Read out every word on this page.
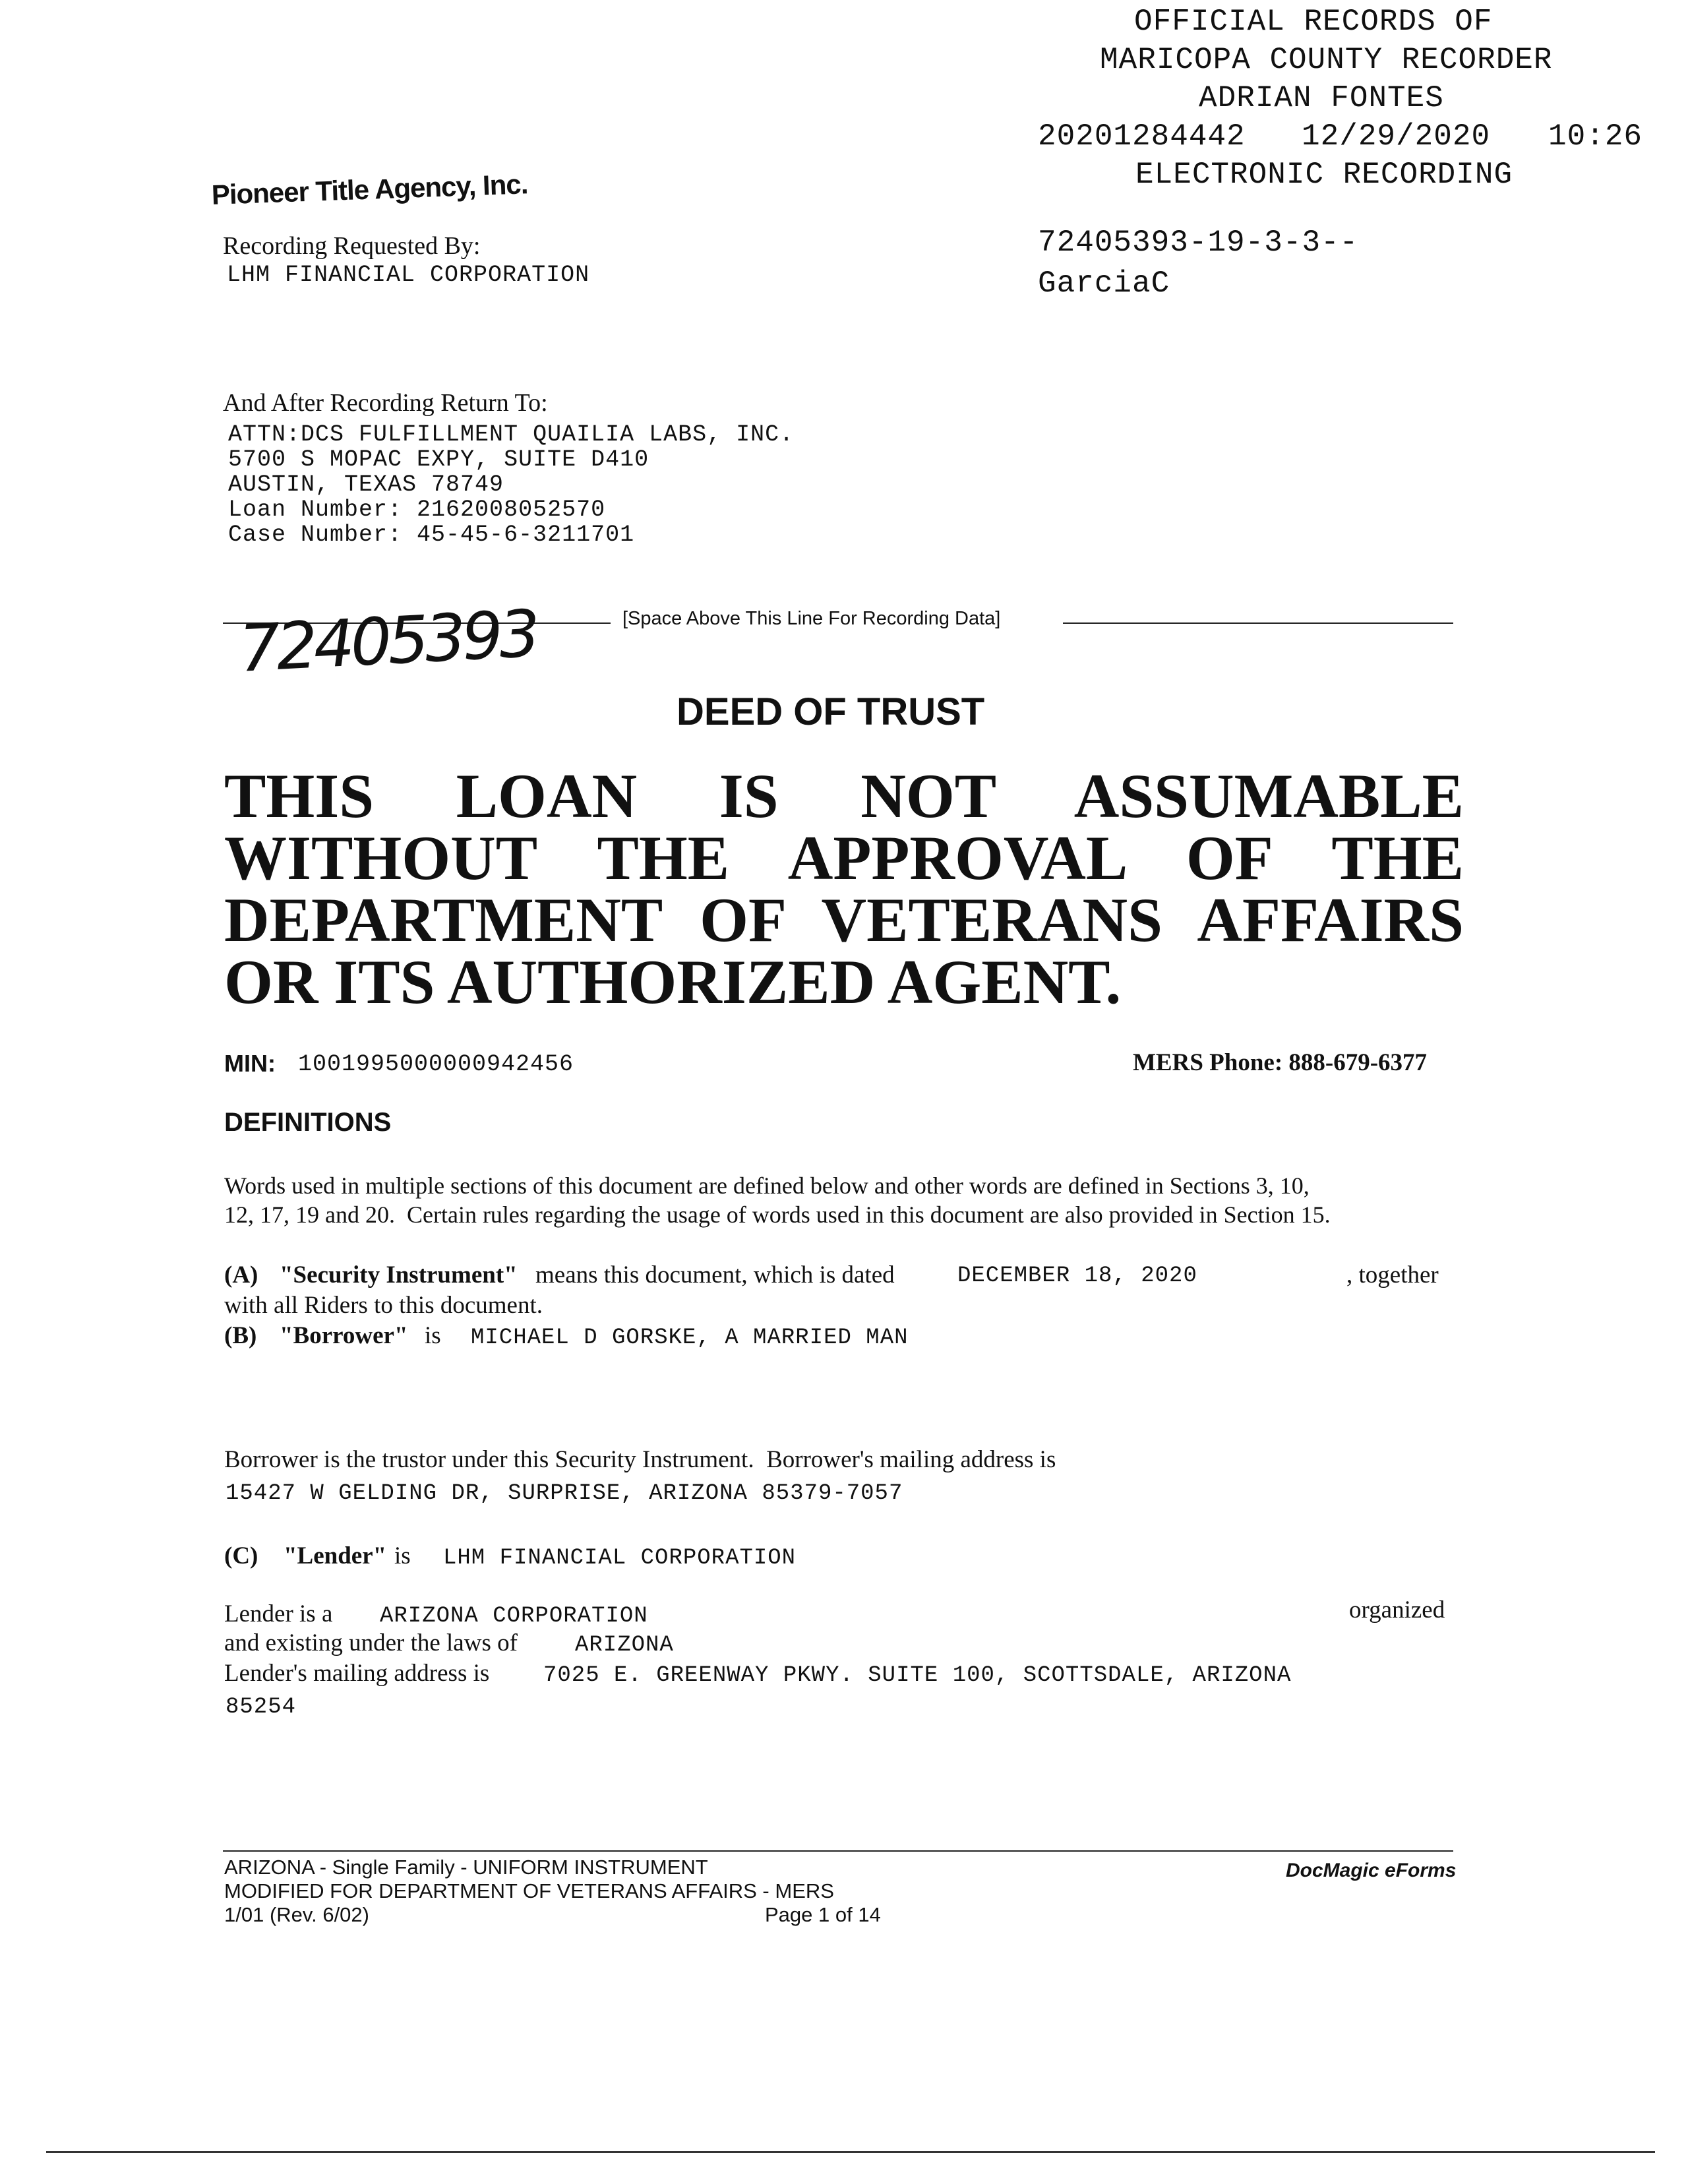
OFFICIAL RECORDS OF
MARICOPA COUNTY RECORDER
ADRIAN FONTES
20201284442 12/29/2020 10:26
ELECTRONIC RECORDING
72405393-19-3-3--
GarciaC
Pioneer Title Agency, Inc.
Recording Requested By:
LHM FINANCIAL CORPORATION
And After Recording Return To:
ATTN:DCS FULFILLMENT QUAILIA LABS, INC.
5700 S MOPAC EXPY, SUITE D410
AUSTIN, TEXAS 78749
Loan Number: 2162008052570
Case Number: 45-45-6-3211701
[Space Above This Line For Recording Data]
72405393
DEED OF TRUST
THIS LOAN IS NOT ASSUMABLE
WITHOUT THE APPROVAL OF THE
DEPARTMENT OF VETERANS AFFAIRS
OR ITS AUTHORIZED AGENT.
MIN: 1001995000000942456	MERS Phone: 888-679-6377
DEFINITIONS
Words used in multiple sections of this document are defined below and other words are defined in Sections 3, 10,
12, 17, 19 and 20.  Certain rules regarding the usage of words used in this document are also provided in Section 15.
(A) "Security Instrument" means this document, which is dated	DECEMBER 18, 2020	, together
with all Riders to this document.
(B) "Borrower" is MICHAEL D GORSKE, A MARRIED MAN
Borrower is the trustor under this Security Instrument.  Borrower's mailing address is
15427 W GELDING DR, SURPRISE, ARIZONA 85379-7057
(C) "Lender" is LHM FINANCIAL CORPORATION
Lender is a ARIZONA CORPORATION	organized
and existing under the laws of	ARIZONA
Lender's mailing address is 7025 E. GREENWAY PKWY. SUITE 100, SCOTTSDALE, ARIZONA
85254
ARIZONA - Single Family - UNIFORM INSTRUMENT
MODIFIED FOR DEPARTMENT OF VETERANS AFFAIRS - MERS
1/01 (Rev. 6/02)	Page 1 of 14
DocMagic eForms
